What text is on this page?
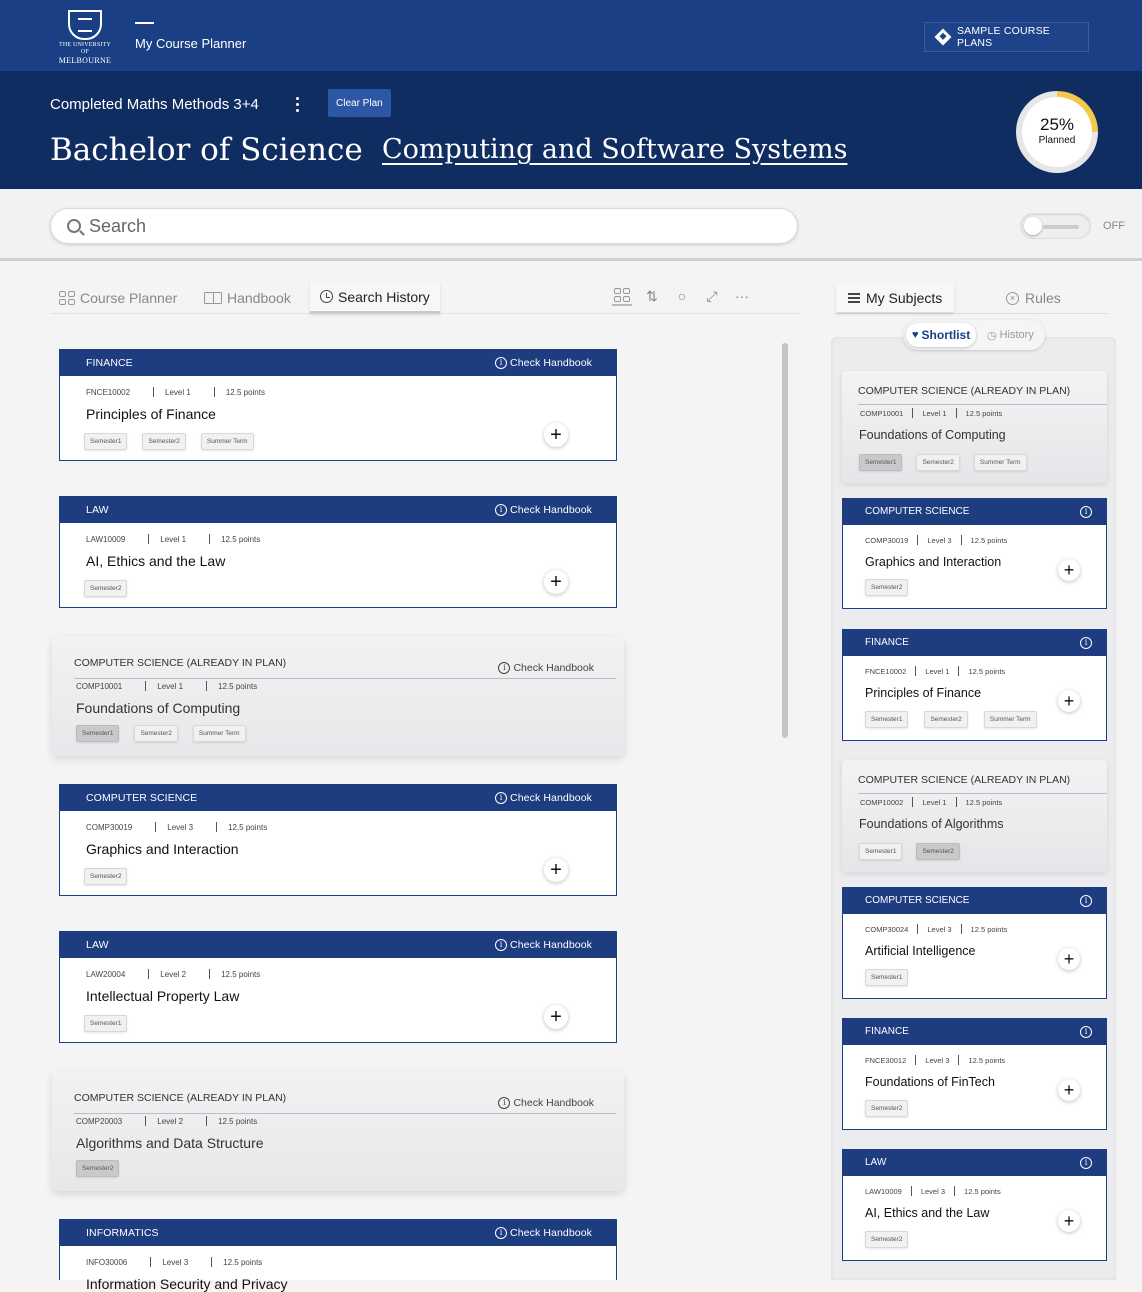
THE UNIVERSITY OF
MELBOURNE
My Course Planner
SAMPLE COURSE PLANS
Completed Maths Methods 3+4	Clear Plan
Bachelor of Science Computing and Software Systems
25%
Planned
Search
OFF
Course Planner	Handbook	Search History	⇅	○	⤢	···
FINANCE	i Check Handbook
FNCE10002	Level 1	12.5 points
Principles of Finance
Semester1	Semester2	Summer Term	+
LAW	i Check Handbook
LAW10009	Level 1	12.5 points
AI, Ethics and the Law
Semester2	+
COMPUTER SCIENCE (ALREADY IN PLAN)	i Check Handbook
COMP10001	Level 1	12.5 points
Foundations of Computing
Semester1	Semester2	Summer Term
COMPUTER SCIENCE	i Check Handbook
COMP30019	Level 3	12.5 points
Graphics and Interaction
Semester2	+
LAW	i Check Handbook
LAW20004	Level 2	12.5 points
Intellectual Property Law
Semester1	+
COMPUTER SCIENCE (ALREADY IN PLAN)	i Check Handbook
COMP20003	Level 2	12.5 points
Algorithms and Data Structure
Semester2
INFORMATICS	i Check Handbook
INFO30006	Level 3	12.5 points
Information Security and Privacy
My Subjects	× Rules
♥ Shortlist ◷ History
COMPUTER SCIENCE (ALREADY IN PLAN)
COMP10001	Level 1	12.5 points
Foundations of Computing
Semester1	Semester2	Summer Term
COMPUTER SCIENCE	i
COMP30019	Level 3	12.5 points
Graphics and Interaction
Semester2
+
FINANCE	i
FNCE10002	Level 1	12.5 points
Principles of Finance
Semester1	Semester2	Summer Term
+
COMPUTER SCIENCE (ALREADY IN PLAN)
COMP10002	Level 1	12.5 points
Foundations of Algorithms
Semester1	Semester2
COMPUTER SCIENCE	i
COMP30024	Level 3	12.5 points
Artificial Intelligence
Semester1
+
FINANCE	i
FNCE30012	Level 3	12.5 points
Foundations of FinTech
Semester2
+
LAW	i
LAW10009	Level 3	12.5 points
AI, Ethics and the Law
Semester2
+
